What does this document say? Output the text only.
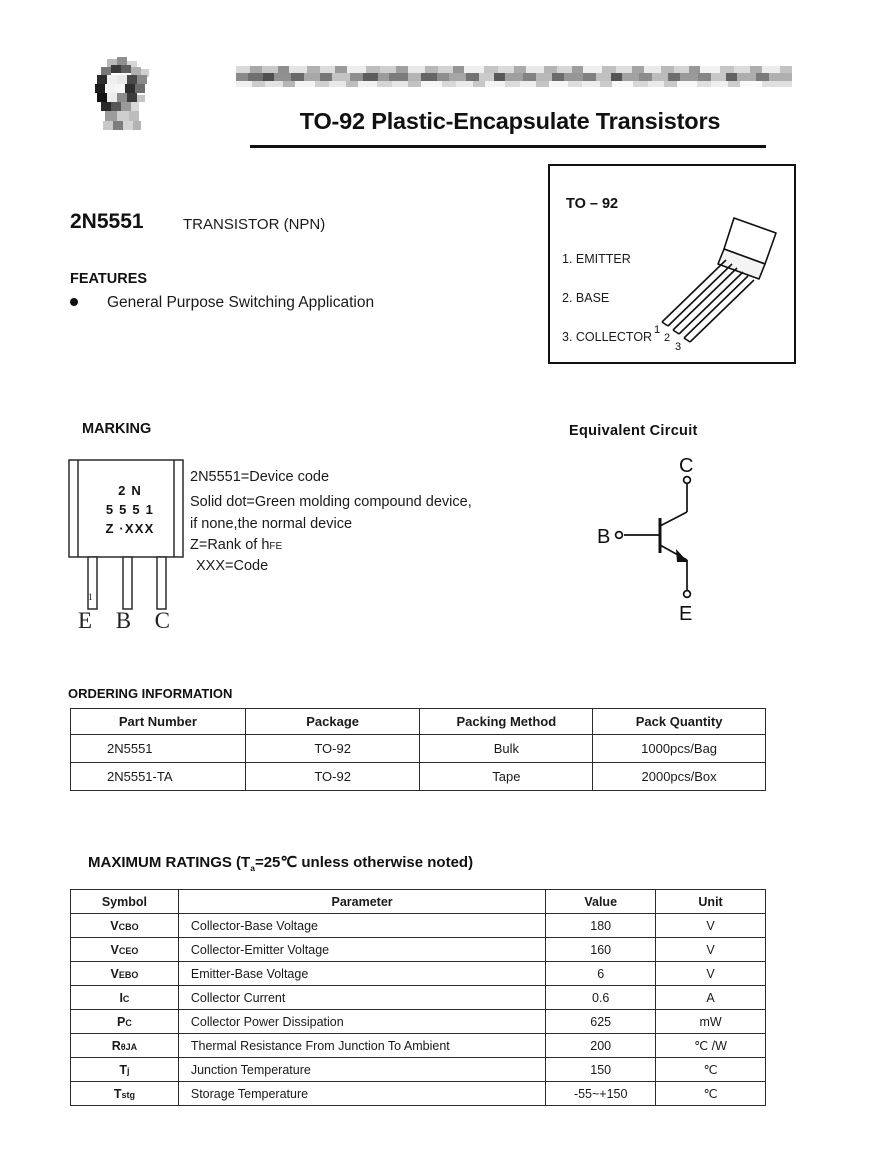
TO-92 Plastic-Encapsulate Transistors
2N5551	TRANSISTOR (NPN)
FEATURES
General Purpose Switching Application
TO – 92
1. EMITTER
2. BASE
3. COLLECTOR 1
2
3
MARKING
2 N
5 5 5 1
Z ·XXX
1
E B C
2N5551=Device code
Solid dot=Green molding compound device,
if none,the normal device
Z=Rank of hFE
XXX=Code
Equivalent Circuit
C
B
E
ORDERING INFORMATION
Part Number	Package	Packing Method	Pack Quantity
2N5551	TO-92	Bulk	1000pcs/Bag
2N5551-TA	TO-92	Tape	2000pcs/Box
MAXIMUM RATINGS ($T_a=25℃$ unless otherwise noted)
Symbol	Parameter	Value	Unit
VCBO	Collector-Base Voltage	180	V
VCEO	Collector-Emitter Voltage	160	V
VEBO	Emitter-Base Voltage	6	V
IC	Collector Current	0.6	A
PC	Collector Power Dissipation	625	mW
RθJA	Thermal Resistance From Junction To Ambient	200	℃ /W
Tj	Junction Temperature	150	℃
Tstg	Storage Temperature	-55~+150	℃
